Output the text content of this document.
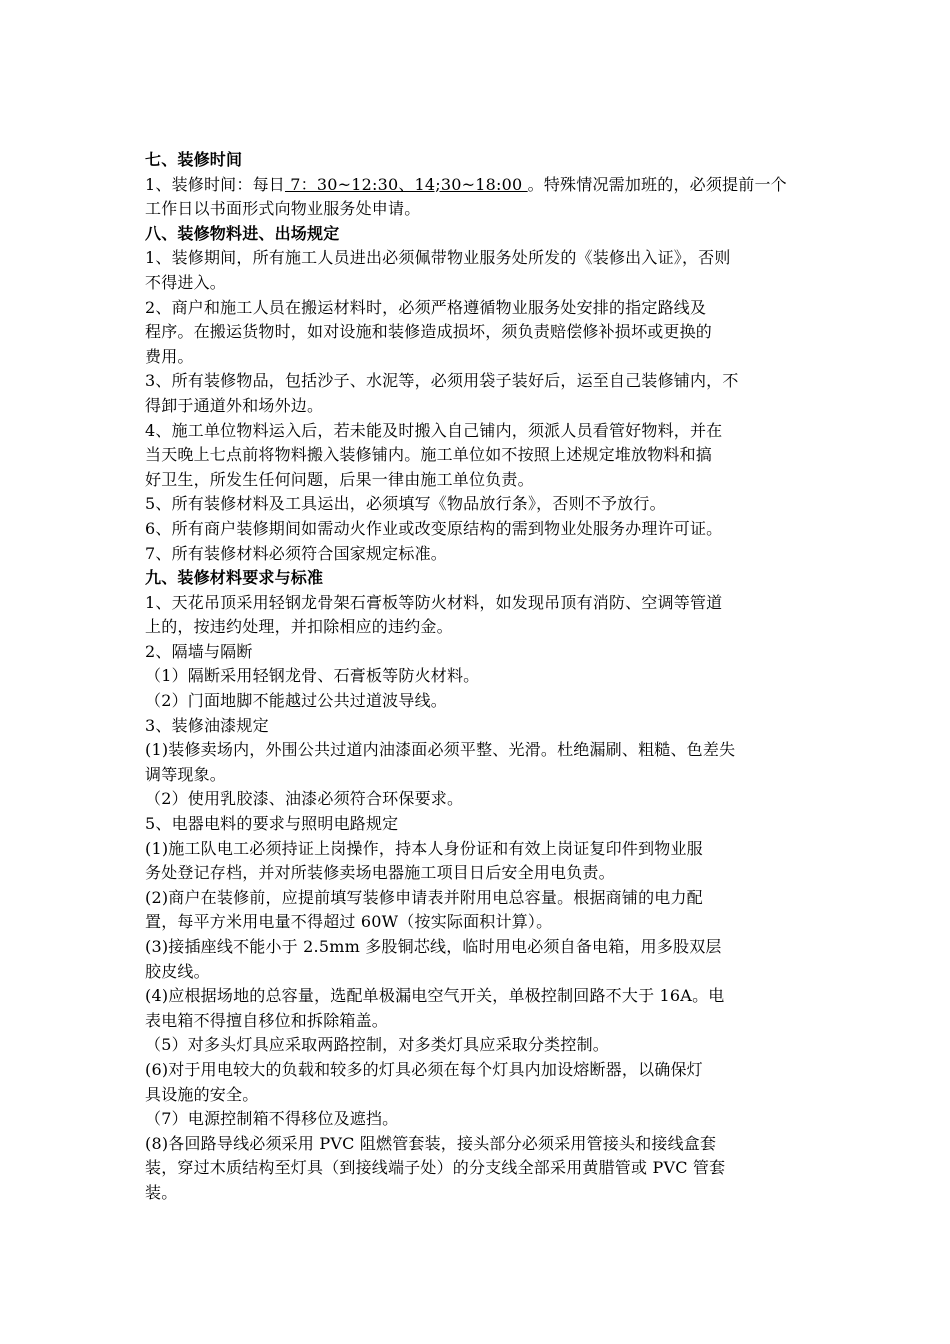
七、装修时间
1、装修时间：每日 7：30~12:30、14;30~18:00 。特殊情况需加班的，必须提前一个
工作日以书面形式向物业服务处申请。
八、装修物料进、出场规定
1、装修期间，所有施工人员进出必须佩带物业服务处所发的《装修出入证》，否则
不得进入。
2、商户和施工人员在搬运材料时，必须严格遵循物业服务处安排的指定路线及
程序。在搬运货物时，如对设施和装修造成损坏，须负责赔偿修补损坏或更换的
费用。
3、所有装修物品，包括沙子、水泥等，必须用袋子装好后，运至自己装修铺内，不
得卸于通道外和场外边。
4、施工单位物料运入后，若未能及时搬入自己铺内，须派人员看管好物料，并在
当天晚上七点前将物料搬入装修铺内。施工单位如不按照上述规定堆放物料和搞
好卫生，所发生任何问题，后果一律由施工单位负责。
5、所有装修材料及工具运出，必须填写《物品放行条》，否则不予放行。
6、所有商户装修期间如需动火作业或改变原结构的需到物业处服务办理许可证。
7、所有装修材料必须符合国家规定标准。
九、装修材料要求与标准
1、天花吊顶采用轻钢龙骨架石膏板等防火材料，如发现吊顶有消防、空调等管道
上的，按违约处理，并扣除相应的违约金。
2、隔墙与隔断
（1）隔断采用轻钢龙骨、石膏板等防火材料。
（2）门面地脚不能越过公共过道波导线。
3、装修油漆规定
(1)装修卖场内，外围公共过道内油漆面必须平整、光滑。杜绝漏刷、粗糙、色差失
调等现象。
（2）使用乳胶漆、油漆必须符合环保要求。
5、电器电料的要求与照明电路规定
(1)施工队电工必须持证上岗操作，持本人身份证和有效上岗证复印件到物业服
务处登记存档，并对所装修卖场电器施工项目日后安全用电负责。
(2)商户在装修前，应提前填写装修申请表并附用电总容量。根据商铺的电力配
置，每平方米用电量不得超过 60W（按实际面积计算）。
(3)接插座线不能小于 2.5mm 多股铜芯线，临时用电必须自备电箱，用多股双层
胶皮线。
(4)应根据场地的总容量，选配单极漏电空气开关，单极控制回路不大于 16A。电
表电箱不得擅自移位和拆除箱盖。
（5）对多头灯具应采取两路控制，对多类灯具应采取分类控制。
(6)对于用电较大的负载和较多的灯具必须在每个灯具内加设熔断器，以确保灯
具设施的安全。
（7）电源控制箱不得移位及遮挡。
(8)各回路导线必须采用 PVC 阻燃管套装，接头部分必须采用管接头和接线盒套
装，穿过木质结构至灯具（到接线端子处）的分支线全部采用黄腊管或 PVC 管套
装。
